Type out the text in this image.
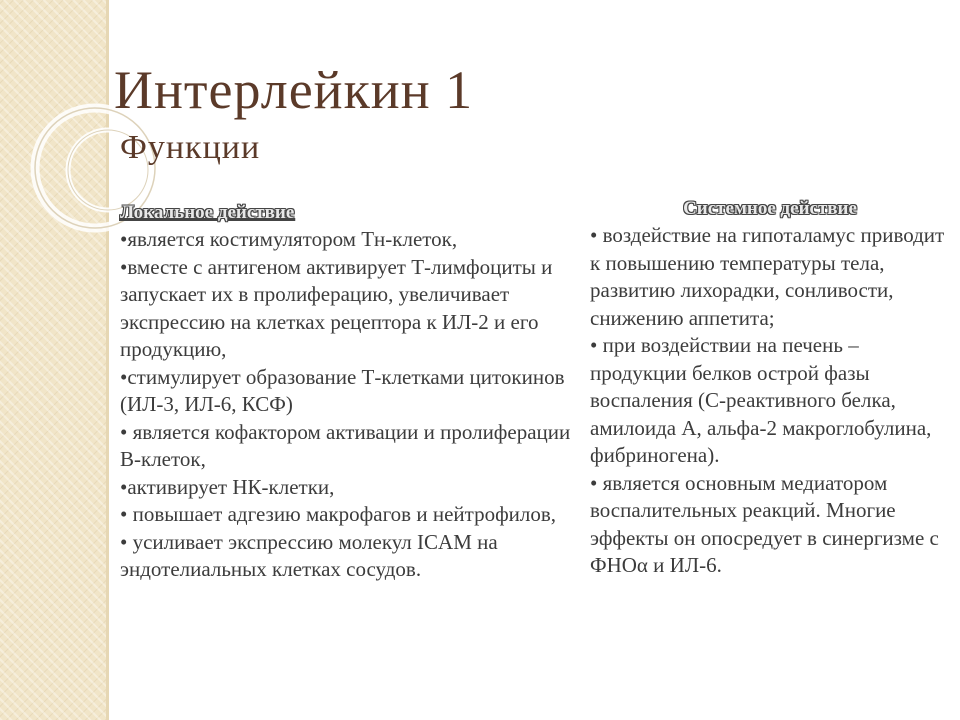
Интерлейкин 1
Функции
Локальное действие
•является костимулятором Тн-клеток,
•вместе с антигеном активирует Т-лимфоциты и запускает их в пролиферацию, увеличивает экспрессию на клетках рецептора к ИЛ-2 и его продукцию,
•стимулирует образование Т-клетками цитокинов (ИЛ-3, ИЛ-6, КСФ)
• является кофактором активации и пролиферации В-клеток,
•активирует НК-клетки,
• повышает адгезию макрофагов и нейтрофилов,
• усиливает экспрессию молекул ICAM на эндотелиальных клетках сосудов.
Системное действие
• воздействие на гипоталамус приводит к повышению температуры тела, развитию лихорадки, сонливости, снижению аппетита;
• при воздействии на печень – продукции белков острой фазы воспаления (С-реактивного белка, амилоида А, альфа-2 макроглобулина, фибриногена).
• является основным медиатором воспалительных реакций. Многие эффекты он опосредует в синергизме с ФНОα и ИЛ-6.
